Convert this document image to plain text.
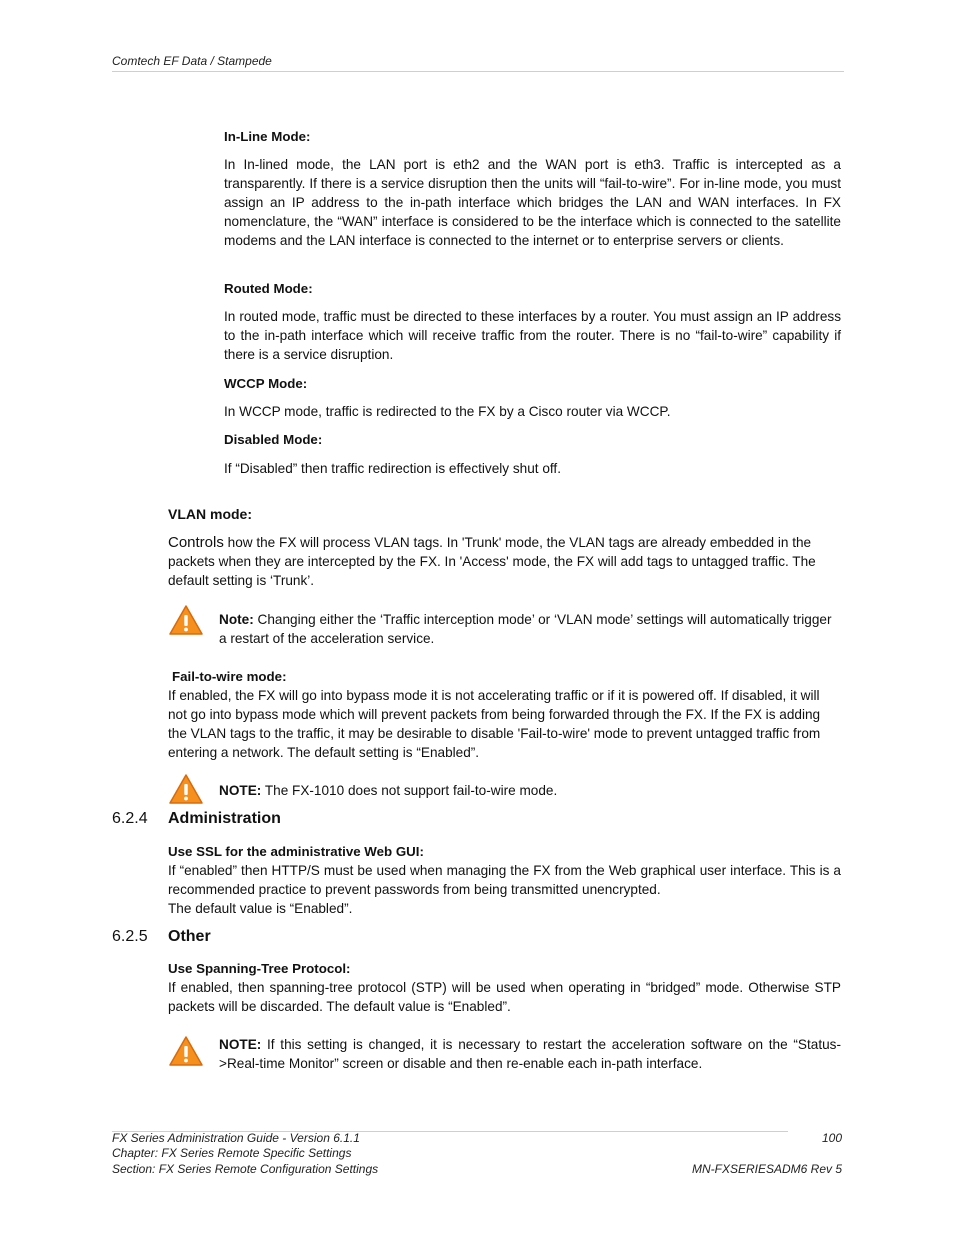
Comtech EF Data / Stampede
In-Line Mode:
In In-lined mode, the LAN port is eth2 and the WAN port is eth3. Traffic is intercepted as a transparently. If there is a service disruption then the units will “fail-to-wire”. For in-line mode, you must assign an IP address to the in-path interface which bridges the LAN and WAN interfaces. In FX nomenclature, the “WAN” interface is considered to be the interface which is connected to the satellite modems and the LAN interface is connected to the internet or to enterprise servers or clients.
Routed Mode:
In routed mode, traffic must be directed to these interfaces by a router. You must assign an IP address to the in-path interface which will receive traffic from the router. There is no “fail-to-wire” capability if there is a service disruption.
WCCP Mode:
In WCCP mode, traffic is redirected to the FX by a Cisco router via WCCP.
Disabled Mode:
If “Disabled” then traffic redirection is effectively shut off.
VLAN mode:
Controls how the FX will process VLAN tags. In 'Trunk' mode, the VLAN tags are already embedded in the packets when they are intercepted by the FX. In 'Access' mode, the FX will add tags to untagged traffic. The default setting is ‘Trunk’.
Note: Changing either the ‘Traffic interception mode’ or ‘VLAN mode’ settings will automatically trigger a restart of the acceleration service.
Fail-to-wire mode:
If enabled, the FX will go into bypass mode it is not accelerating traffic or if it is powered off. If disabled, it will not go into bypass mode which will prevent packets from being forwarded through the FX. If the FX is adding the VLAN tags to the traffic, it may be desirable to disable 'Fail-to-wire' mode to prevent untagged traffic from entering a network. The default setting is “Enabled”.
NOTE: The FX-1010 does not support fail-to-wire mode.
6.2.4 Administration
Use SSL for the administrative Web GUI:
If “enabled” then HTTP/S must be used when managing the FX from the Web graphical user interface. This is a recommended practice to prevent passwords from being transmitted unencrypted.
The default value is “Enabled”.
6.2.5 Other
Use Spanning-Tree Protocol:
If enabled, then spanning-tree protocol (STP) will be used when operating in “bridged” mode. Otherwise STP packets will be discarded. The default value is “Enabled”.
NOTE: If this setting is changed, it is necessary to restart the acceleration software on the “Status->Real-time Monitor” screen or disable and then re-enable each in-path interface.
FX Series Administration Guide - Version 6.1.1
Chapter: FX Series Remote Specific Settings
Section: FX Series Remote Configuration Settings
100
MN-FXSERIESADM6 Rev 5
